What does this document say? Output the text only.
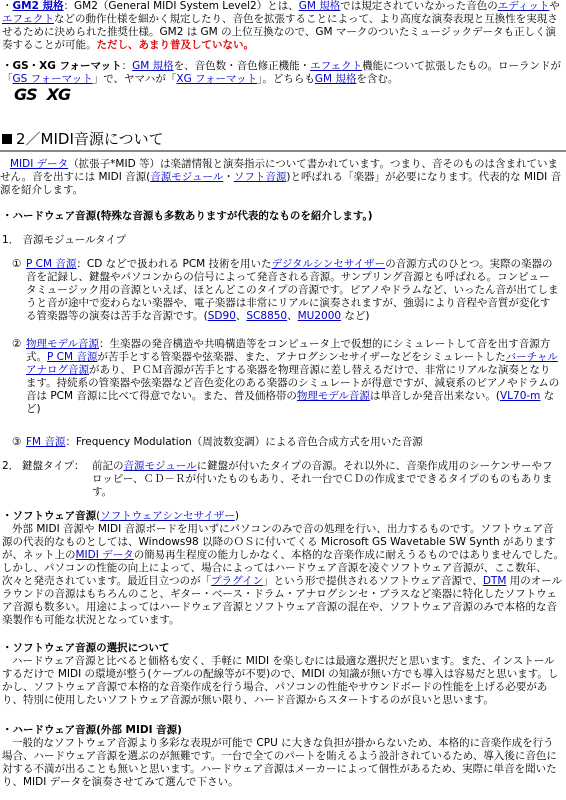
・GM2 規格：GM2（General MIDI System Level2）とは、GM 規格では規定されていなかった音色のエディットやエフェクトなどの動作仕様を細かく規定したり、音色を拡張することによって、より高度な演奏表現と互換性を実現させるために決められた推奨仕様。GM2 は GM の上位互換なので、GM マークのついたミュージックデータも正しく演奏することが可能。ただし、あまり普及していない。

・GS・XG フォーマット：GM 規格を、音色数・音色修正機能・エフェクト機能について拡張したもの。ローランドが「GS フォーマット」で、ヤマハが「XG フォーマット」。どちらもGM 規格を含む。

GS XG
2／MIDI音源について

MIDI データ（拡張子*MID 等）は楽譜情報と演奏指示について書かれています。つまり、音そのものは含まれていません。音を出すには MIDI 音源(音源モジュール・ソフト音源)と呼ばれる「楽器」が必要になります。代表的な MIDI 音源を紹介します。

・ハードウェア音源(特殊な音源も多数ありますが代表的なものを紹介します。)
1． 音源モジュールタイプ
① P CM 音源：CD などで扱われる PCM 技術を用いたデジタルシンセサイザーの音源方式のひとつ。実際の楽器の音を記録し、鍵盤やパソコンからの信号によって発音される音源。サンプリング音源とも呼ばれる。コンピュータミュージック用の音源といえば、ほとんどこのタイプの音源です。ピアノやドラムなど、いったん音が出てしまうと音が途中で変わらない楽器や、電子楽器は非常にリアルに演奏されますが、強弱により音程や音質が変化する管楽器等の演奏は苦手な音源です。(SD90、SC8850、MU2000 など)

② 物理モデル音源：生楽器の発音構造や共鳴構造等をコンピュータ上で仮想的にシミュレートして音を出す音源方式。P CM 音源が苦手とする管楽器や弦楽器、また、アナログシンセサイザーなどをシミュレートしたバーチャルアナログ音源があり、ＰＣＭ音源が苦手とする楽器を物理音源に差し替えるだけで、非常にリアルな演奏となります。持続系の管楽器や弦楽器など音色変化のある楽器のシミュレートが得意ですが、減衰系のピアノやドラムの音は PCM 音源に比べて得意でない。また、普及価格帯の物理モデル音源は単音しか発音出来ない。(VL70-m など)

③ FM 音源：Frequency Modulation（周波数変調）による音色合成方式を用いた音源

2． 鍵盤タイプ： 前記の音源モジュールに鍵盤が付いたタイプの音源。それ以外に、音楽作成用のシーケンサーやフロッピー、ＣＤ－Ｒが付いたものもあり、それ一台でＣＤの作成までできるタイプのものもあります。

・ソフトウェア音源(ソフトウェアシンセサイザー)

外部 MIDI 音源や MIDI 音源ボードを用いずにパソコンのみで音の処理を行い、出力するものです。ソフトウェア音源の代表的なものとしては、Windows98 以降のＯＳに付いてくる Microsoft GS Wavetable SW Synth がありますが、ネット上のMIDI データの簡易再生程度の能力しかなく、本格的な音楽作成に耐えうるものではありませんでした。しかし、パソコンの性能の向上によって、場合によってはハードウェア音源を凌ぐソフトウェア音源が、ここ数年、次々と発売されています。最近目立つのが「プラグイン」という形で提供されるソフトウェア音源で、DTM 用のオールラウンドの音源はもちろんのこと、ギター・ベース・ドラム・アナログシンセ・ブラスなど楽器に特化したソフトウェア音源も数多い。用途によってはハードウェア音源とソフトウェア音源の混在や、ソフトウェア音源のみで本格的な音楽製作も可能な状況となっています。

・ソフトウェア音源の選択について

ハードウェア音源と比べると価格も安く、手軽に MIDI を楽しむには最適な選択だと思います。また、インストールするだけで MIDI の環境が整う(ケーブルの配線等が不要)ので、MIDI の知識が無い方でも導入は容易だと思います。しかし、ソフトウェア音源で本格的な音楽作成を行う場合、パソコンの性能やサウンドボードの性能を上げる必要があり、特別に使用したいソフトウェア音源が無い限り、ハード音源からスタートするのが良いと思います。

・ハードウェア音源(外部 MIDI 音源)

一般的なソフトウェア音源より多彩な表現が可能で CPU に大きな負担が掛からないため、本格的に音楽作成を行う場合、ハードウェア音源を選ぶのが無難です。一台で全てのパートを賄えるよう設計されているため、導入後に音色に対する不満が出ることも無いと思います。ハードウェア音源はメーカーによって個性があるため、実際に単音を聞いたり、MIDI データを演奏させてみて選んで下さい。
